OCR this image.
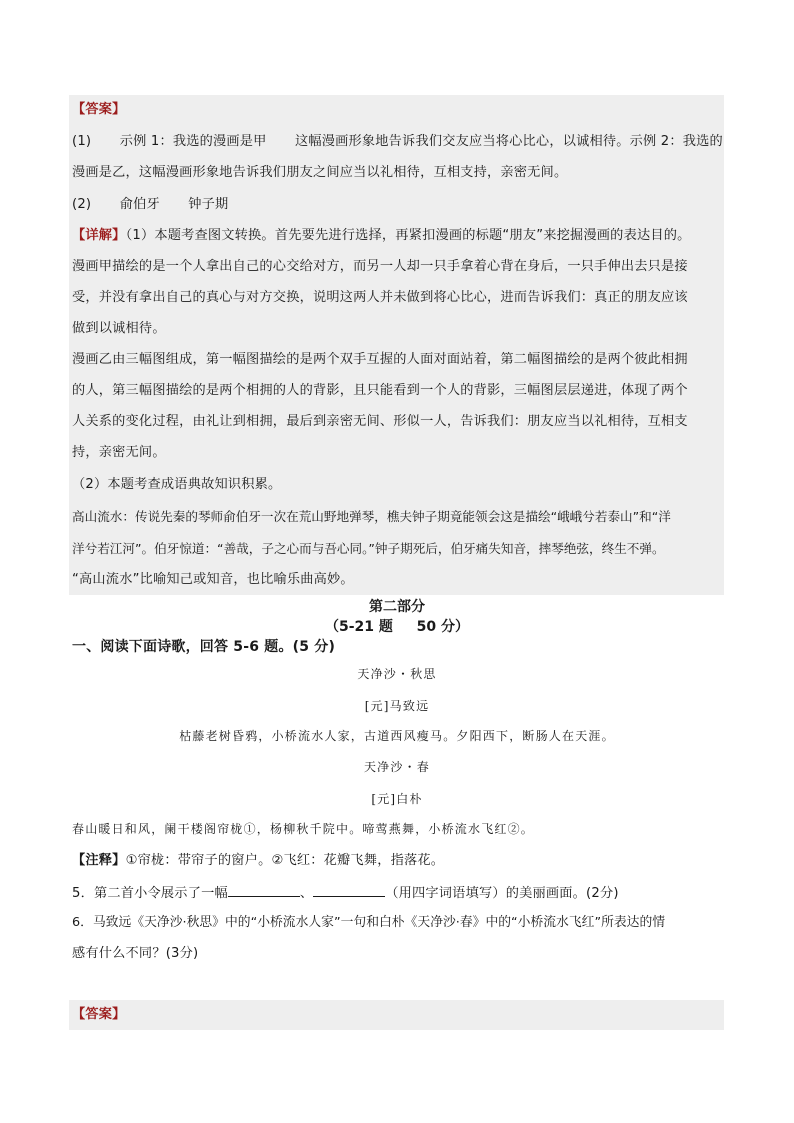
【答案】
(1) 示例 1：我选的漫画是甲 这幅漫画形象地告诉我们交友应当将心比心，以诚相待。示例 2：我选的
漫画是乙，这幅漫画形象地告诉我们朋友之间应当以礼相待，互相支持，亲密无间。
(2) 俞伯牙 钟子期
【详解】（1）本题考查图文转换。首先要先进行选择，再紧扣漫画的标题“朋友”来挖掘漫画的表达目的。
漫画甲描绘的是一个人拿出自己的心交给对方，而另一人却一只手拿着心背在身后，一只手伸出去只是接
受，并没有拿出自己的真心与对方交换，说明这两人并未做到将心比心，进而告诉我们：真正的朋友应该
做到以诚相待。
漫画乙由三幅图组成，第一幅图描绘的是两个双手互握的人面对面站着，第二幅图描绘的是两个彼此相拥
的人，第三幅图描绘的是两个相拥的人的背影，且只能看到一个人的背影，三幅图层层递进，体现了两个
人关系的变化过程，由礼让到相拥，最后到亲密无间、形似一人，告诉我们：朋友应当以礼相待，互相支
持，亲密无间。
（2）本题考查成语典故知识积累。
高山流水：传说先秦的琴师俞伯牙一次在荒山野地弹琴，樵夫钟子期竟能领会这是描绘“峨峨兮若泰山”和“洋
洋兮若江河”。伯牙惊道：“善哉，子之心而与吾心同。”钟子期死后，伯牙痛失知音，摔琴绝弦，终生不弹。
“高山流水”比喻知己或知音，也比喻乐曲高妙。
第二部分
（5-21 题 50 分）
一、阅读下面诗歌，回答 5-6 题。(5 分)
天净沙・秋思
[元]马致远
枯藤老树昏鸦，小桥流水人家，古道西风瘦马。夕阳西下，断肠人在天涯。
天净沙・春
[元]白朴
春山暖日和风，阑干楼阁帘栊①，杨柳秋千院中。啼莺燕舞，小桥流水飞红②。
【注释】①帘栊：带帘子的窗户。②飞红：花瓣飞舞，指落花。
5．第二首小令展示了一幅	、	（用四字词语填写）的美丽画面。(2分)
6．马致远《天净沙·秋思》中的“小桥流水人家”一句和白朴《天净沙·春》中的“小桥流水飞红”所表达的情
感有什么不同？(3分)
【答案】
